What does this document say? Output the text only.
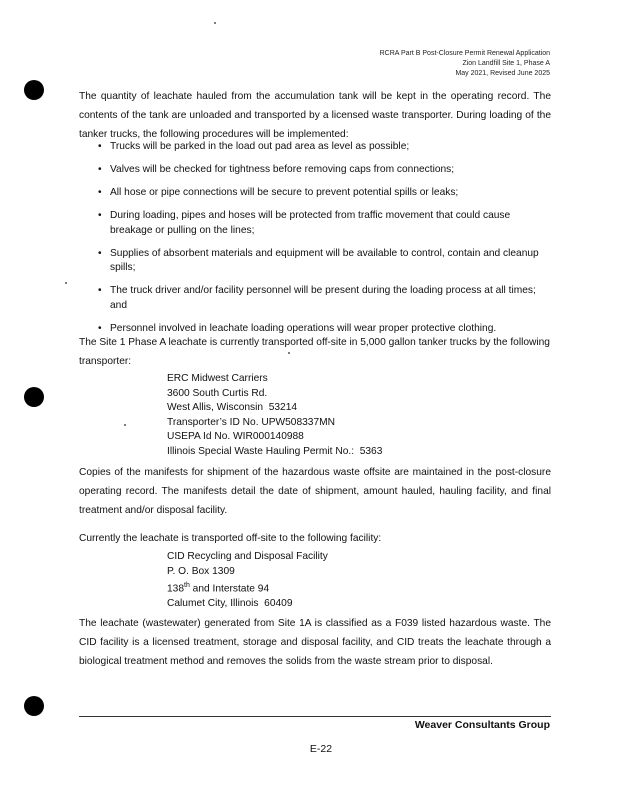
RCRA Part B Post-Closure Permit Renewal Application
Zion Landfill Site 1, Phase A
May 2021, Revised June 2025

The quantity of leachate hauled from the accumulation tank will be kept in the operating record. The contents of the tank are unloaded and transported by a licensed waste transporter. During loading of the tanker trucks, the following procedures will be implemented:

• Trucks will be parked in the load out pad area as level as possible;
• Valves will be checked for tightness before removing caps from connections;
• All hose or pipe connections will be secure to prevent potential spills or leaks;
• During loading, pipes and hoses will be protected from traffic movement that could cause breakage or pulling on the lines;
• Supplies of absorbent materials and equipment will be available to control, contain and cleanup spills;
• The truck driver and/or facility personnel will be present during the loading process at all times; and
• Personnel involved in leachate loading operations will wear proper protective clothing.

The Site 1 Phase A leachate is currently transported off-site in 5,000 gallon tanker trucks by the following transporter:

ERC Midwest Carriers
3600 South Curtis Rd.
West Allis, Wisconsin  53214
Transporter’s ID No. UPW508337MN
USEPA Id No. WIR000140988
Illinois Special Waste Hauling Permit No.:  5363

Copies of the manifests for shipment of the hazardous waste offsite are maintained in the post-closure operating record. The manifests detail the date of shipment, amount hauled, hauling facility, and final treatment and/or disposal facility.

Currently the leachate is transported off-site to the following facility:

CID Recycling and Disposal Facility
P. O. Box 1309
138th and Interstate 94
Calumet City, Illinois  60409

The leachate (wastewater) generated from Site 1A is classified as a F039 listed hazardous waste. The CID facility is a licensed treatment, storage and disposal facility, and CID treats the leachate through a biological treatment method and removes the solids from the waste stream prior to disposal.

Weaver Consultants Group
E-22
